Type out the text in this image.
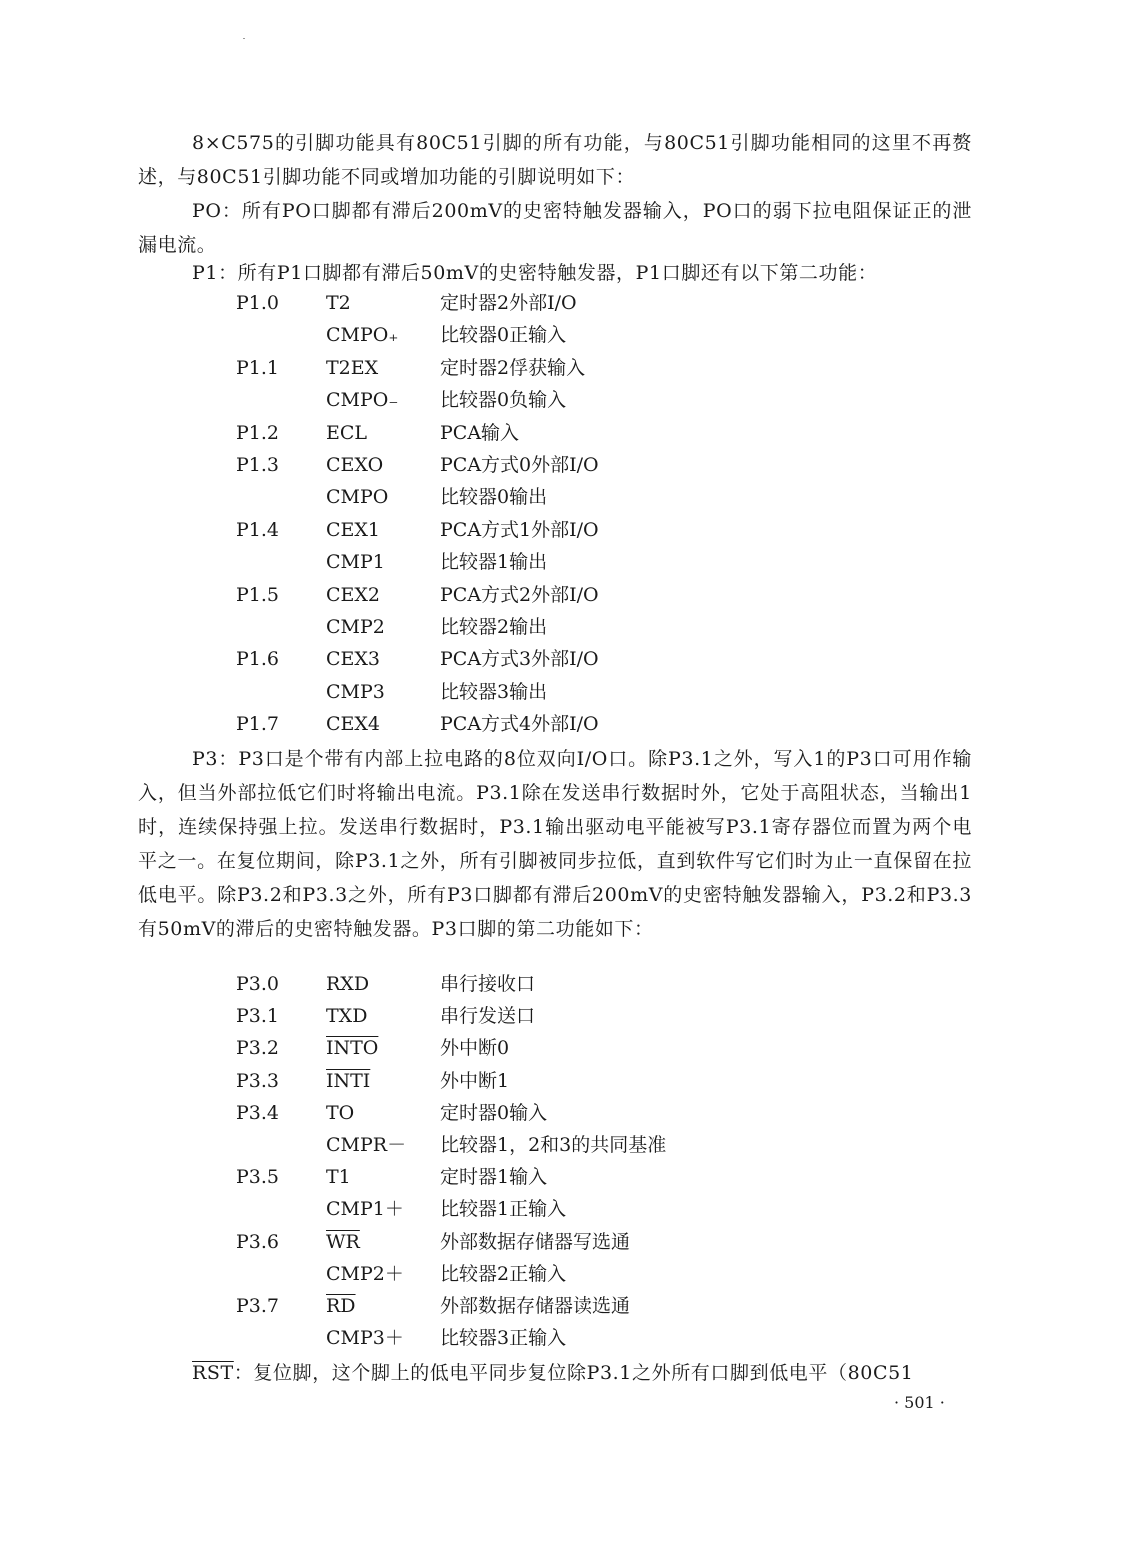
8×C575的引脚功能具有80C51引脚的所有功能，与80C51引脚功能相同的这里不再赘述，与80C51引脚功能不同或增加功能的引脚说明如下：

PO：所有PO口脚都有滞后200mV的史密特触发器输入，PO口的弱下拉电阻保证正的泄漏电流。

P1：所有P1口脚都有滞后50mV的史密特触发器，P1口脚还有以下第二功能：

P1.0 T2	定时器2外部I/O
CMPO₊ 比较器0正输入
P1.1 T2EX	定时器2俘获输入
CMPO₋ 比较器0负输入
P1.2 ECL	PCA输入
P1.3 CEXO	PCA方式0外部I/O
CMPO	比较器0输出
P1.4 CEX1	PCA方式1外部I/O
CMP1	比较器1输出
P1.5 CEX2	PCA方式2外部I/O
CMP2	比较器2输出
P1.6 CEX3	PCA方式3外部I/O
CMP3	比较器3输出
P1.7 CEX4	PCA方式4外部I/O

P3：P3口是个带有内部上拉电路的8位双向I/O口。除P3.1之外，写入1的P3口可用作输入，但当外部拉低它们时将输出电流。P3.1除在发送串行数据时外，它处于高阻状态，当输出1时，连续保持强上拉。发送串行数据时，P3.1输出驱动电平能被写P3.1寄存器位而置为两个电平之一。在复位期间，除P3.1之外，所有引脚被同步拉低，直到软件写它们时为止一直保留在拉低电平。除P3.2和P3.3之外，所有P3口脚都有滞后200mV的史密特触发器输入，P3.2和P3.3有50mV的滞后的史密特触发器。P3口脚的第二功能如下：

P3.0 RXD	串行接收口
P3.1 TXD	串行发送口
P3.2 INTO	外中断0
P3.3 INTI	外中断1
P3.4 TO	定时器0输入
CMPR－ 比较器1，2和3的共同基准
P3.5 T1	定时器1输入
CMP1＋ 比较器1正输入
P3.6 $\overline{WR}$	外部数据存储器写选通
CMP2＋ 比较器2正输入
P3.7 $\overline{RD}$	外部数据存储器读选通
CMP3＋ 比较器3正输入

$\overline{RST}$：复位脚，这个脚上的低电平同步复位除P3.1之外所有口脚到低电平（80C51

· 501 ·
